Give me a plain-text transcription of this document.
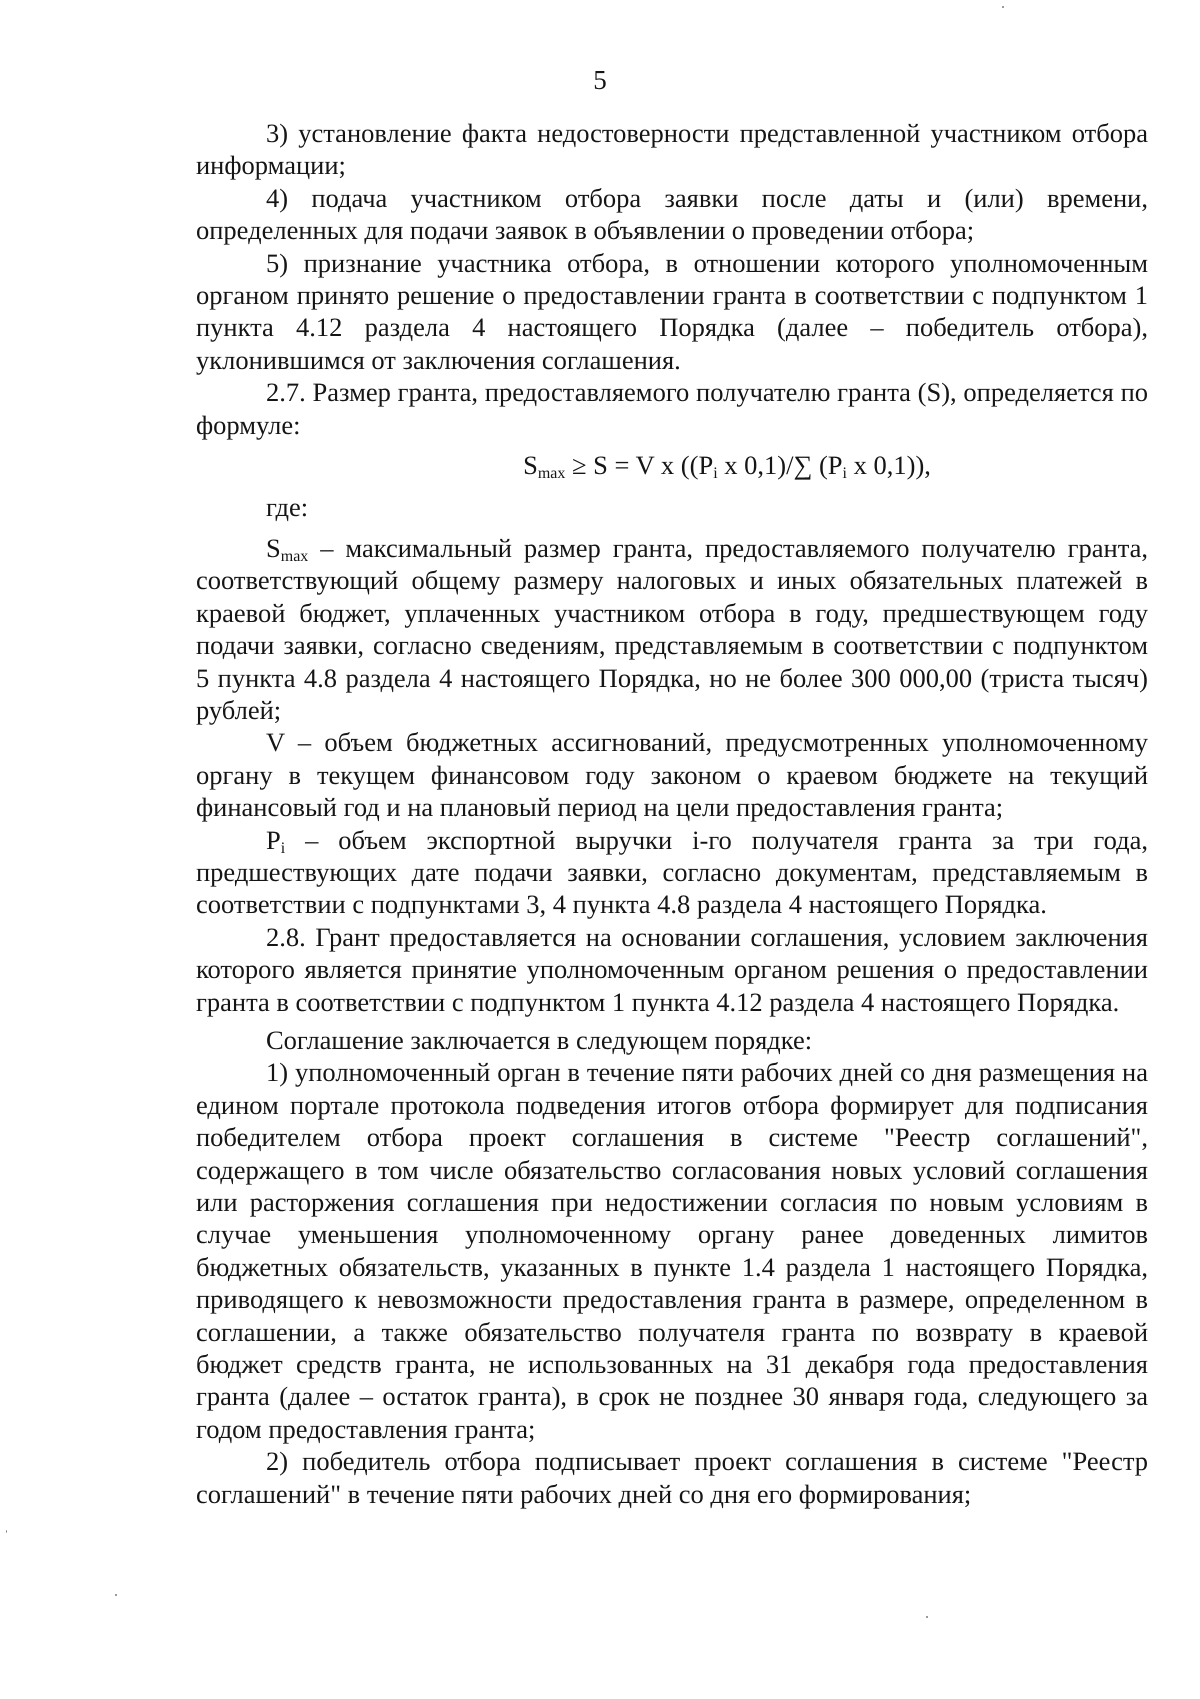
5

3) установление факта недостоверности представленной участником отбора информации;

4) подача участником отбора заявки после даты и (или) времени, определенных для подачи заявок в объявлении о проведении отбора;

5) признание участника отбора, в отношении которого уполномоченным органом принято решение о предоставлении гранта в соответствии с подпунктом 1 пункта 4.12 раздела 4 настоящего Порядка (далее – победитель отбора), уклонившимся от заключения соглашения.

2.7. Размер гранта, предоставляемого получателю гранта (S), определяется по формуле:

$S_{max} \ge S = V$ x (($P_i$ x 0,1)/∑ ($P_i$ x 0,1)),

где:

$S_{max}$ – максимальный размер гранта, предоставляемого получателю гранта, соответствующий общему размеру налоговых и иных обязательных платежей в краевой бюджет, уплаченных участником отбора в году, предшествующем году подачи заявки, согласно сведениям, представляемым в соответствии с подпунктом 5 пункта 4.8 раздела 4 настоящего Порядка, но не более 300 000,00 (триста тысяч) рублей;

V – объем бюджетных ассигнований, предусмотренных уполномоченному органу в текущем финансовом году законом о краевом бюджете на текущий финансовый год и на плановый период на цели предоставления гранта;

$P_i$ – объем экспортной выручки i-го получателя гранта за три года, предшествующих дате подачи заявки, согласно документам, представляемым в соответствии с подпунктами 3, 4 пункта 4.8 раздела 4 настоящего Порядка.

2.8. Грант предоставляется на основании соглашения, условием заключения которого является принятие уполномоченным органом решения о предоставлении гранта в соответствии с подпунктом 1 пункта 4.12 раздела 4 настоящего Порядка.

Соглашение заключается в следующем порядке:

1) уполномоченный орган в течение пяти рабочих дней со дня размещения на едином портале протокола подведения итогов отбора формирует для подписания победителем отбора проект соглашения в системе "Реестр соглашений", содержащего в том числе обязательство согласования новых условий соглашения или расторжения соглашения при недостижении согласия по новым условиям в случае уменьшения уполномоченному органу ранее доведенных лимитов бюджетных обязательств, указанных в пункте 1.4 раздела 1 настоящего Порядка, приводящего к невозможности предоставления гранта в размере, определенном в соглашении, а также обязательство получателя гранта по возврату в краевой бюджет средств гранта, не использованных на 31 декабря года предоставления гранта (далее – остаток гранта), в срок не позднее 30 января года, следующего за годом предоставления гранта;

2) победитель отбора подписывает проект соглашения в системе "Реестр соглашений" в течение пяти рабочих дней со дня его формирования;
